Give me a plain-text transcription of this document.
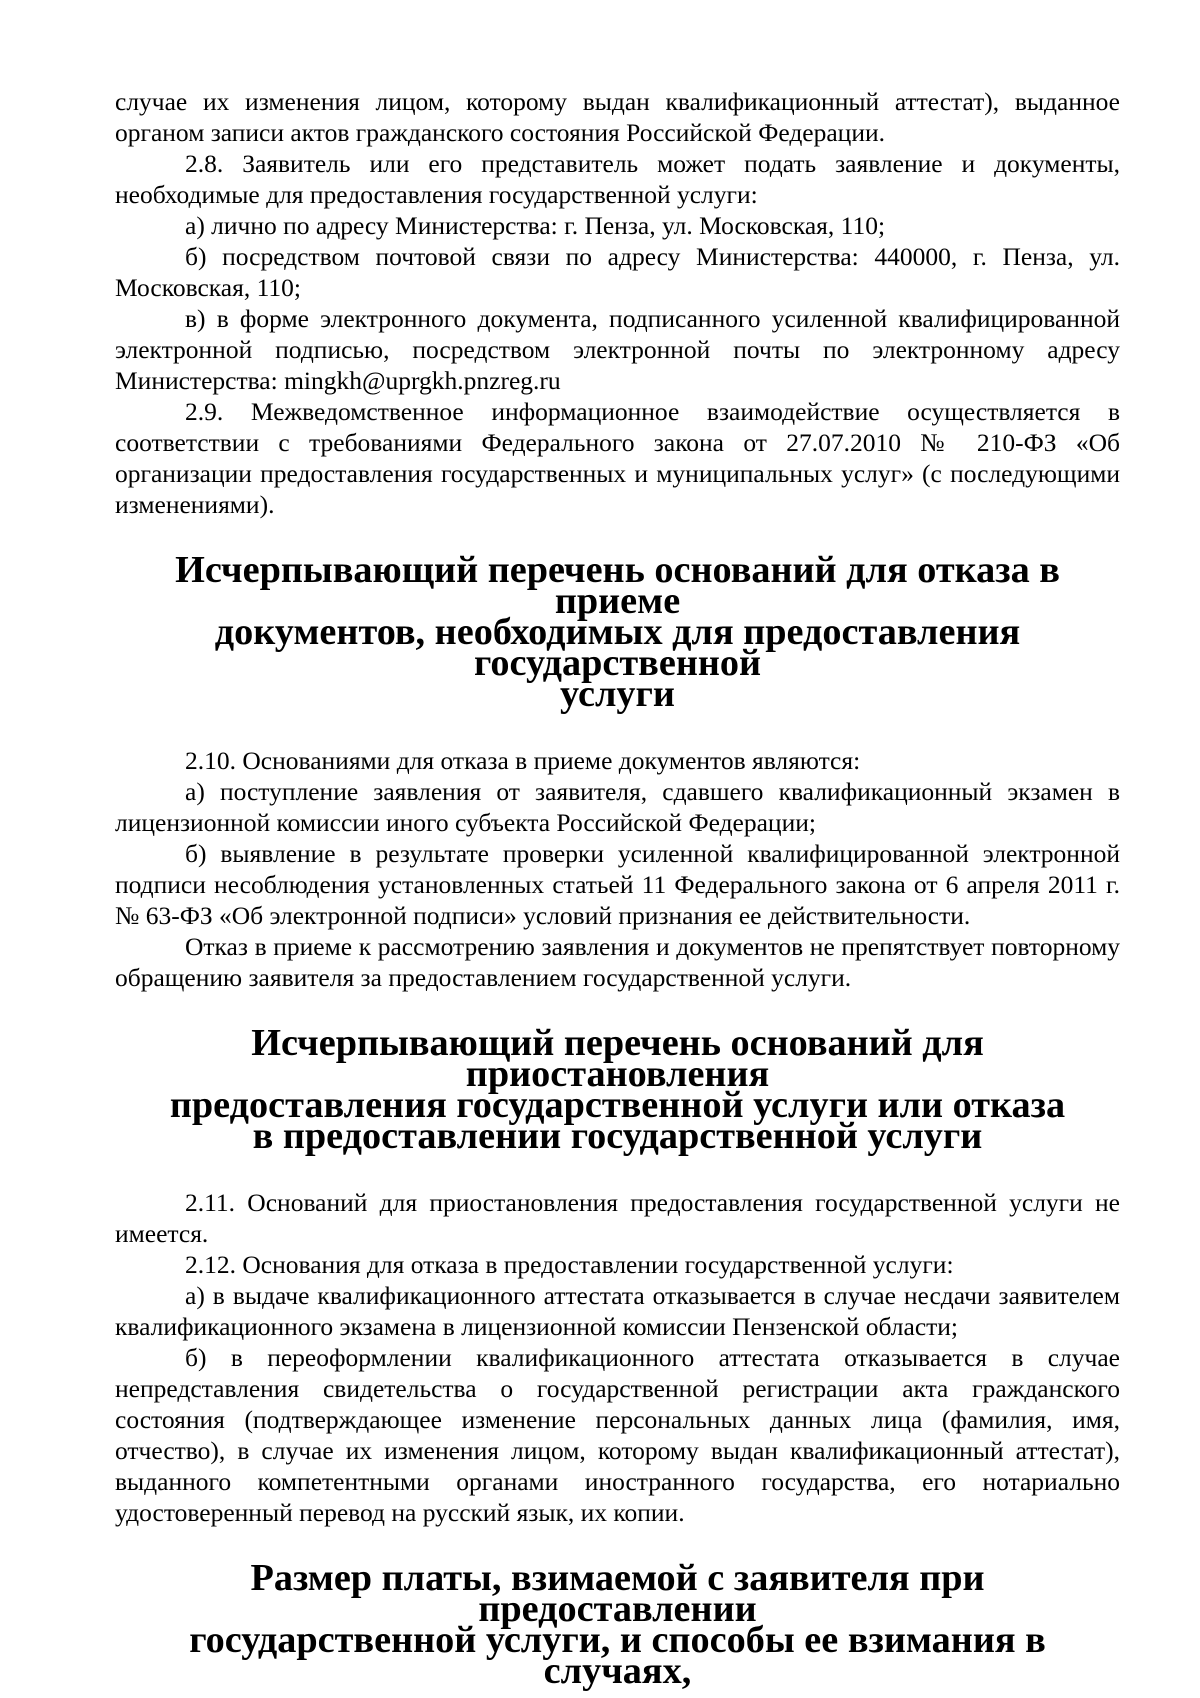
случае их изменения лицом, которому выдан квалификационный аттестат), выданное органом записи актов гражданского состояния Российской Федерации.

2.8. Заявитель или его представитель может подать заявление и документы, необходимые для предоставления государственной услуги:

а) лично по адресу Министерства: г. Пенза, ул. Московская, 110;

б) посредством почтовой связи по адресу Министерства: 440000, г. Пенза, ул. Московская, 110;

в) в форме электронного документа, подписанного усиленной квалифицированной электронной подписью, посредством электронной почты по электронному адресу Министерства: mingkh@uprgkh.pnzreg.ru

2.9. Межведомственное информационное взаимодействие осуществляется в соответствии с требованиями Федерального закона от 27.07.2010 № 210-ФЗ «Об организации предоставления государственных и муниципальных услуг» (с последующими изменениями).

Исчерпывающий перечень оснований для отказа в приеме
документов, необходимых для предоставления государственной
услуги

2.10. Основаниями для отказа в приеме документов являются:

а) поступление заявления от заявителя, сдавшего квалификационный экзамен в лицензионной комиссии иного субъекта Российской Федерации;

б) выявление в результате проверки усиленной квалифицированной электронной подписи несоблюдения установленных статьей 11 Федерального закона от 6 апреля 2011 г. № 63-ФЗ «Об электронной подписи» условий признания ее действительности.

Отказ в приеме к рассмотрению заявления и документов не препятствует повторному обращению заявителя за предоставлением государственной услуги.

Исчерпывающий перечень оснований для приостановления
предоставления государственной услуги или отказа
в предоставлении государственной услуги

2.11. Оснований для приостановления предоставления государственной услуги не имеется.

2.12. Основания для отказа в предоставлении государственной услуги:

а) в выдаче квалификационного аттестата отказывается в случае несдачи заявителем квалификационного экзамена в лицензионной комиссии Пензенской области;

б) в переоформлении квалификационного аттестата отказывается в случае непредставления свидетельства о государственной регистрации акта гражданского состояния (подтверждающее изменение персональных данных лица (фамилия, имя, отчество), в случае их изменения лицом, которому выдан квалификационный аттестат), выданного компетентными органами иностранного государства, его нотариально удостоверенный перевод на русский язык, их копии.

Размер платы, взимаемой с заявителя при предоставлении
государственной услуги, и способы ее взимания в случаях,
